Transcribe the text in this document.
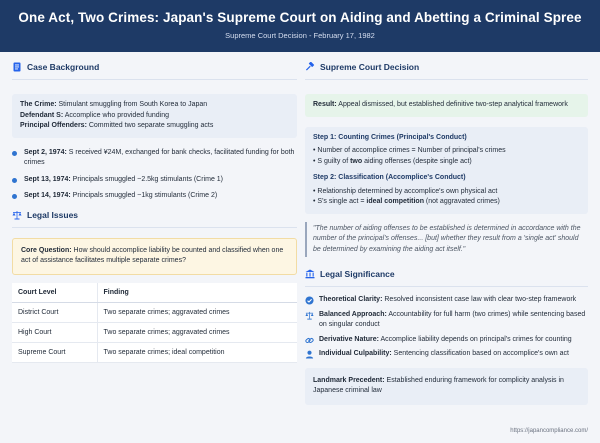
One Act, Two Crimes: Japan's Supreme Court on Aiding and Abetting a Criminal Spree
Supreme Court Decision - February 17, 1982
Case Background
The Crime: Stimulant smuggling from South Korea to Japan
Defendant S: Accomplice who provided funding
Principal Offenders: Committed two separate smuggling acts
Sept 2, 1974: S received ¥24M, exchanged for bank checks, facilitated funding for both crimes
Sept 13, 1974: Principals smuggled ~2.5kg stimulants (Crime 1)
Sept 14, 1974: Principals smuggled ~1kg stimulants (Crime 2)
Legal Issues
Core Question: How should accomplice liability be counted and classified when one act of assistance facilitates multiple separate crimes?
Court Level	Finding
District Court	Two separate crimes; aggravated crimes
High Court	Two separate crimes; aggravated crimes
Supreme Court	Two separate crimes; ideal competition
Supreme Court Decision
Result: Appeal dismissed, but established definitive two-step analytical framework
Step 1: Counting Crimes (Principal's Conduct)
• Number of accomplice crimes = Number of principal's crimes
• S guilty of two aiding offenses (despite single act)
Step 2: Classification (Accomplice's Conduct)
• Relationship determined by accomplice's own physical act
• S's single act = ideal competition (not aggravated crimes)
"The number of aiding offenses to be established is determined in accordance with the number of the principal's offenses... [but] whether they result from a 'single act' should be determined by examining the aiding act itself."
Legal Significance
Theoretical Clarity: Resolved inconsistent case law with clear two-step framework
Balanced Approach: Accountability for full harm (two crimes) while sentencing based on singular conduct
Derivative Nature: Accomplice liability depends on principal's crimes for counting
Individual Culpability: Sentencing classification based on accomplice's own act
Landmark Precedent: Established enduring framework for complicity analysis in Japanese criminal law
https://japancompliance.com/
